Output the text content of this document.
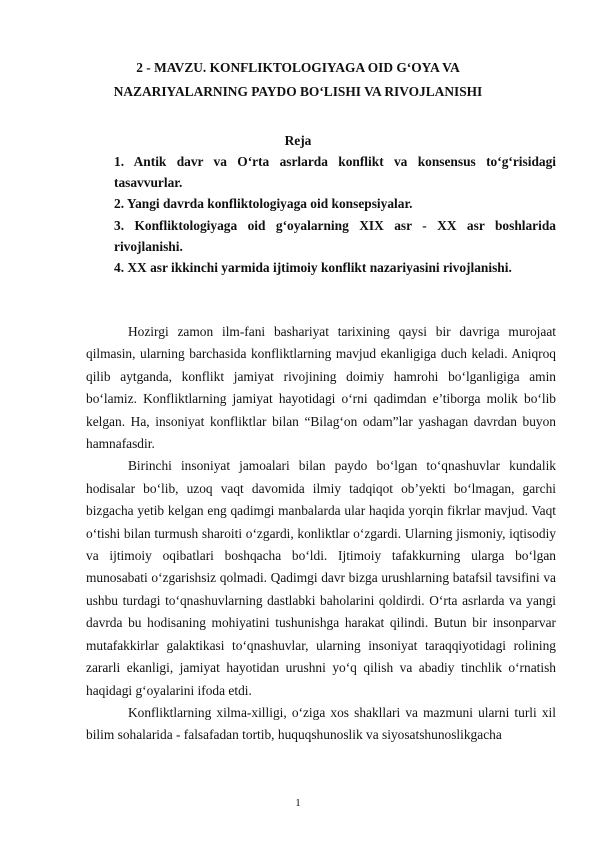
2 - MAVZU. KONFLIKTOLOGIYAGA OID G‘OYA VA
NAZARIYALARNING PAYDO BO‘LISHI VA RIVOJLANISHI
Reja

1. Antik davr va O‘rta asrlarda konflikt va konsensus to‘g‘risidagi tasavvurlar.

2. Yangi davrda konfliktologiyaga oid konsepsiyalar.

3. Konfliktologiyaga oid g‘oyalarning XIX asr - XX asr boshlarida rivojlanishi.

4. XX asr ikkinchi yarmida ijtimoiy konflikt nazariyasini rivojlanishi.

Hozirgi zamon ilm-fani bashariyat tarixining qaysi bir davriga murojaat qilmasin, ularning barchasida konfliktlarning mavjud ekanligiga duch keladi. Aniqroq qilib aytganda, konflikt jamiyat rivojining doimiy hamrohi bo‘lganligiga amin bo‘lamiz. Konfliktlarning jamiyat hayotidagi o‘rni qadimdan e’tiborga molik bo‘lib kelgan. Ha, insoniyat konfliktlar bilan “Bilag‘on odam”lar yashagan davrdan buyon hamnafasdir.

Birinchi insoniyat jamoalari bilan paydo bo‘lgan to‘qnashuvlar kundalik hodisalar bo‘lib, uzoq vaqt davomida ilmiy tadqiqot ob’yekti bo‘lmagan, garchi bizgacha yetib kelgan eng qadimgi manbalarda ular haqida yorqin fikrlar mavjud. Vaqt o‘tishi bilan turmush sharoiti o‘zgardi, konliktlar o‘zgardi. Ularning jismoniy, iqtisodiy va ijtimoiy oqibatlari boshqacha bo‘ldi. Ijtimoiy tafakkurning ularga bo‘lgan munosabati o‘zgarishsiz qolmadi. Qadimgi davr bizga urushlarning batafsil tavsifini va ushbu turdagi to‘qnashuvlarning dastlabki baholarini qoldirdi. O‘rta asrlarda va yangi davrda bu hodisaning mohiyatini tushunishga harakat qilindi. Butun bir insonparvar mutafakkirlar galaktikasi to‘qnashuvlar, ularning insoniyat taraqqiyotidagi rolining zararli ekanligi, jamiyat hayotidan urushni yo‘q qilish va abadiy tinchlik o‘rnatish haqidagi g‘oyalarini ifoda etdi.

Konfliktlarning xilma-xilligi, o‘ziga xos shakllari va mazmuni ularni turli xil bilim sohalarida - falsafadan tortib, huquqshunoslik va siyosatshunoslikgacha

1
